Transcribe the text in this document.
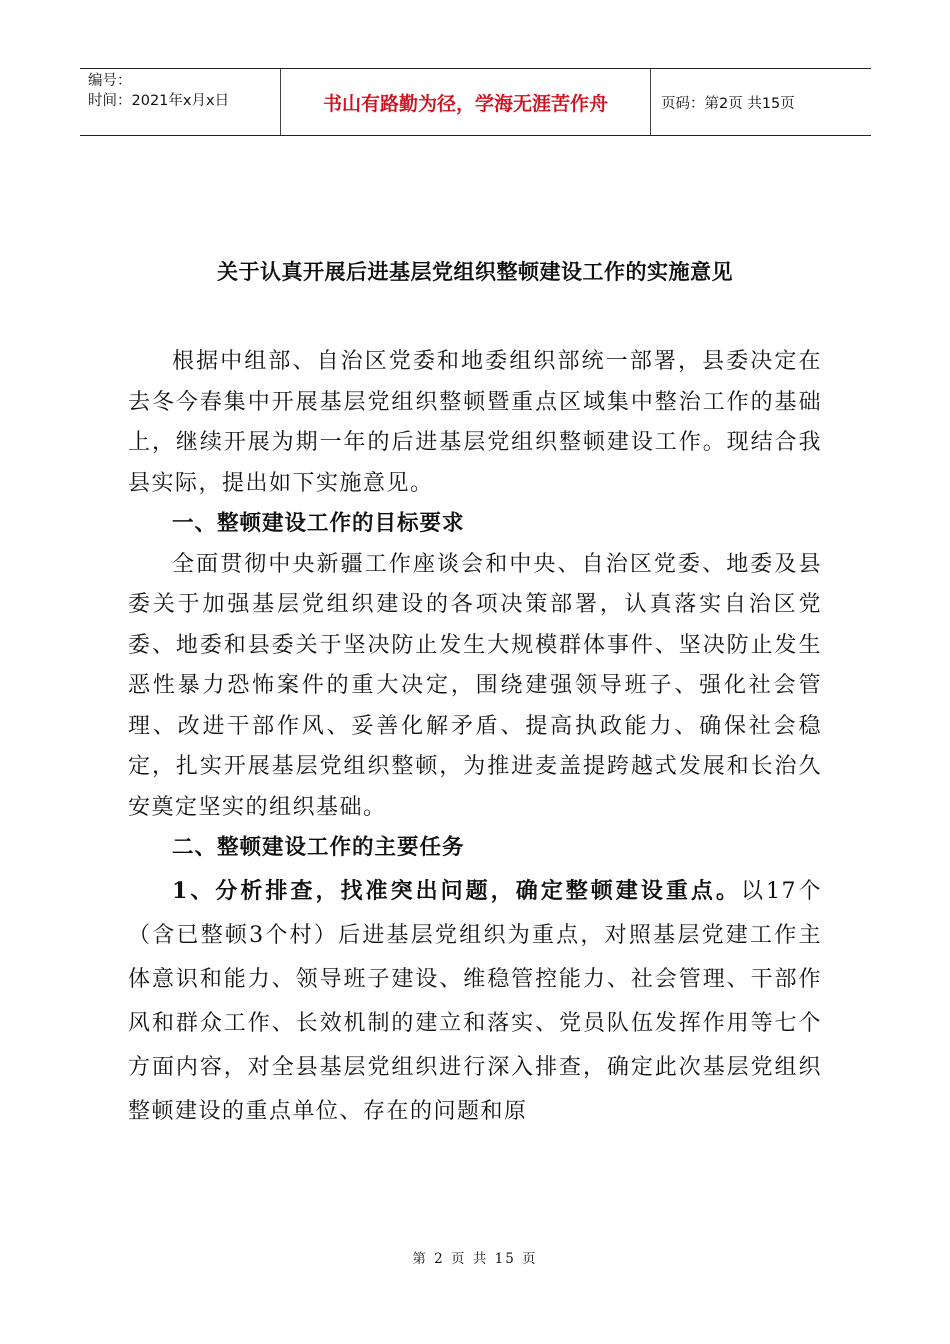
编号：
时间：2021年x月x日	书山有路勤为径，学海无涯苦作舟	页码：第2页 共15页
关于认真开展后进基层党组织整顿建设工作的实施意见

根据中组部、自治区党委和地委组织部统一部署，县委决定在去冬今春集中开展基层党组织整顿暨重点区域集中整治工作的基础上，继续开展为期一年的后进基层党组织整顿建设工作。现结合我县实际，提出如下实施意见。

一、整顿建设工作的目标要求

全面贯彻中央新疆工作座谈会和中央、自治区党委、地委及县委关于加强基层党组织建设的各项决策部署，认真落实自治区党委、地委和县委关于坚决防止发生大规模群体事件、坚决防止发生恶性暴力恐怖案件的重大决定，围绕建强领导班子、强化社会管理、改进干部作风、妥善化解矛盾、提高执政能力、确保社会稳定，扎实开展基层党组织整顿，为推进麦盖提跨越式发展和长治久安奠定坚实的组织基础。

二、整顿建设工作的主要任务

1、分析排查，找准突出问题，确定整顿建设重点。以17个（含已整顿3个村）后进基层党组织为重点，对照基层党建工作主体意识和能力、领导班子建设、维稳管控能力、社会管理、干部作风和群众工作、长效机制的建立和落实、党员队伍发挥作用等七个方面内容，对全县基层党组织进行深入排查，确定此次基层党组织整顿建设的重点单位、存在的问题和原

第 2 页 共 15 页
